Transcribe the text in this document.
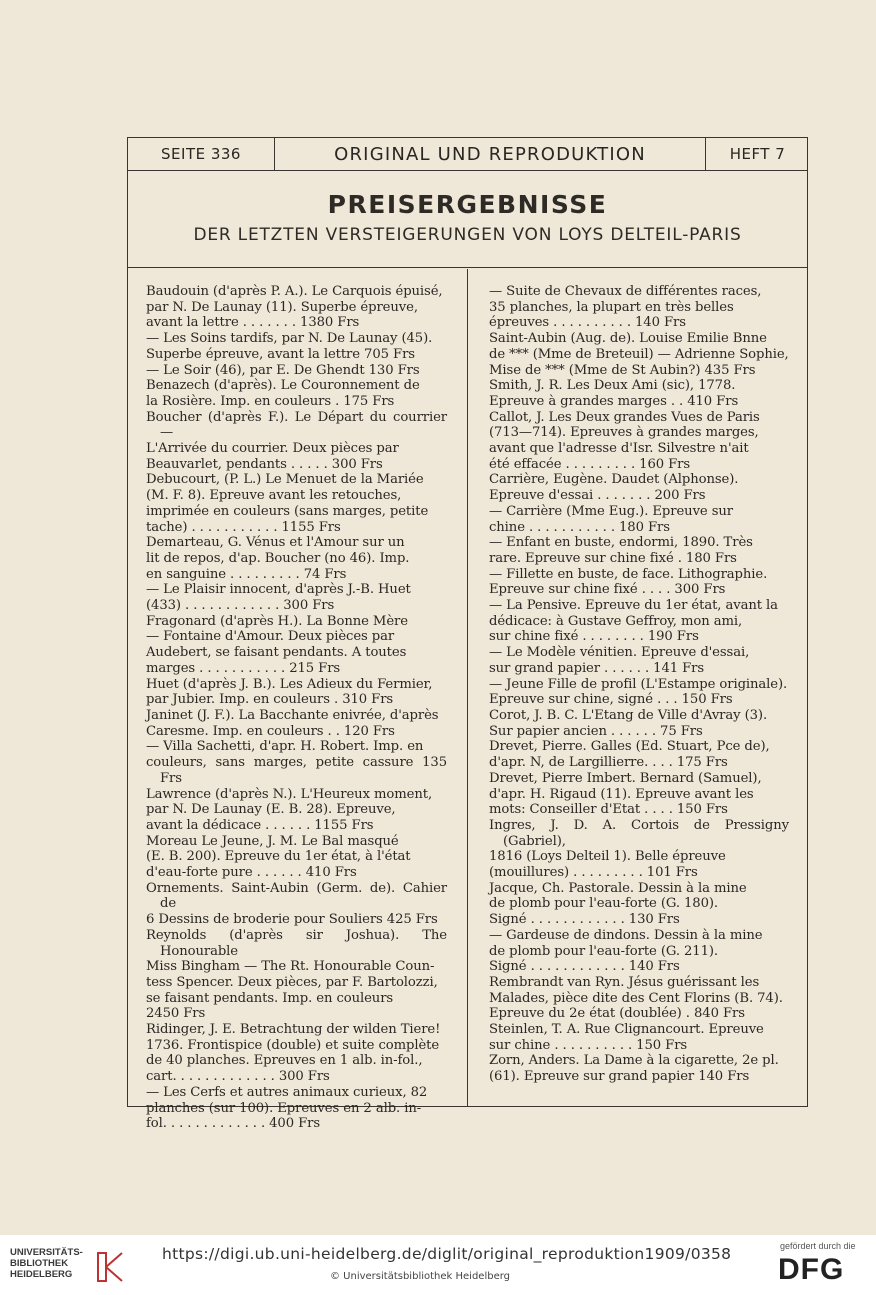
SEITE 336	ORIGINAL UND REPRODUKTION	HEFT 7
PREISERGEBNISSE
DER LETZTEN VERSTEIGERUNGEN VON LOYS DELTEIL-PARIS
Baudouin (d'après P. A.). Le Carquois épuisé,
par N. De Launay (11). Superbe épreuve,
avant la lettre . . . . . . . 1380 Frs
— Les Soins tardifs, par N. De Launay (45).
Superbe épreuve, avant la lettre 705 Frs
— Le Soir (46), par E. De Ghendt 130 Frs
Benazech (d'après). Le Couronnement de
la Rosière. Imp. en couleurs . 175 Frs
Boucher (d'après F.). Le Départ du courrier —
L'Arrivée du courrier. Deux pièces par
Beauvarlet, pendants . . . . . 300 Frs
Debucourt, (P. L.) Le Menuet de la Mariée
(M. F. 8). Epreuve avant les retouches,
imprimée en couleurs (sans marges, petite
tache) . . . . . . . . . . . 1155 Frs
Demarteau, G. Vénus et l'Amour sur un
lit de repos, d'ap. Boucher (no 46). Imp.
en sanguine . . . . . . . . . 74 Frs
— Le Plaisir innocent, d'après J.-B. Huet
(433) . . . . . . . . . . . . 300 Frs
Fragonard (d'après H.). La Bonne Mère
— Fontaine d'Amour. Deux pièces par
Audebert, se faisant pendants. A toutes
marges . . . . . . . . . . . 215 Frs
Huet (d'après J. B.). Les Adieux du Fermier,
par Jubier. Imp. en couleurs . 310 Frs
Janinet (J. F.). La Bacchante enivrée, d'après
Caresme. Imp. en couleurs . . 120 Frs
— Villa Sachetti, d'apr. H. Robert. Imp. en
couleurs, sans marges, petite cassure 135 Frs
Lawrence (d'après N.). L'Heureux moment,
par N. De Launay (E. B. 28). Epreuve,
avant la dédicace . . . . . . 1155 Frs
Moreau Le Jeune, J. M. Le Bal masqué
(E. B. 200). Epreuve du 1er état, à l'état
d'eau-forte pure . . . . . . 410 Frs
Ornements. Saint-Aubin (Germ. de). Cahier de
6 Dessins de broderie pour Souliers 425 Frs
Reynolds (d'après sir Joshua). The Honourable
Miss Bingham — The Rt. Honourable Coun-
tess Spencer. Deux pièces, par F. Bartolozzi,
se faisant pendants. Imp. en couleurs
2450 Frs
Ridinger, J. E. Betrachtung der wilden Tiere!
1736. Frontispice (double) et suite complète
de 40 planches. Epreuves en 1 alb. in-fol.,
cart. . . . . . . . . . . . . 300 Frs
— Les Cerfs et autres animaux curieux, 82
planches (sur 100). Epreuves en 2 alb. in-
fol. . . . . . . . . . . . . 400 Frs
— Suite de Chevaux de différentes races,
35 planches, la plupart en très belles
épreuves . . . . . . . . . . 140 Frs
Saint-Aubin (Aug. de). Louise Emilie Bnne
de *** (Mme de Breteuil) — Adrienne Sophie,
Mise de *** (Mme de St Aubin?) 435 Frs
Smith, J. R. Les Deux Ami (sic), 1778.
Epreuve à grandes marges . . 410 Frs
Callot, J. Les Deux grandes Vues de Paris
(713—714). Epreuves à grandes marges,
avant que l'adresse d'Isr. Silvestre n'ait
été effacée . . . . . . . . . 160 Frs
Carrière, Eugène. Daudet (Alphonse).
Epreuve d'essai . . . . . . . 200 Frs
— Carrière (Mme Eug.). Epreuve sur
chine . . . . . . . . . . . 180 Frs
— Enfant en buste, endormi, 1890. Très
rare. Epreuve sur chine fixé . 180 Frs
— Fillette en buste, de face. Lithographie.
Epreuve sur chine fixé . . . . 300 Frs
— La Pensive. Epreuve du 1er état, avant la
dédicace: à Gustave Geffroy, mon ami,
sur chine fixé . . . . . . . . 190 Frs
— Le Modèle vénitien. Epreuve d'essai,
sur grand papier . . . . . . 141 Frs
— Jeune Fille de profil (L'Estampe originale).
Epreuve sur chine, signé . . . 150 Frs
Corot, J. B. C. L'Etang de Ville d'Avray (3).
Sur papier ancien . . . . . . 75 Frs
Drevet, Pierre. Galles (Ed. Stuart, Pce de),
d'apr. N, de Largillierre. . . . 175 Frs
Drevet, Pierre Imbert. Bernard (Samuel),
d'apr. H. Rigaud (11). Epreuve avant les
mots: Conseiller d'Etat . . . . 150 Frs
Ingres, J. D. A. Cortois de Pressigny (Gabriel),
1816 (Loys Delteil 1). Belle épreuve
(mouillures) . . . . . . . . . 101 Frs
Jacque, Ch. Pastorale. Dessin à la mine
de plomb pour l'eau-forte (G. 180).
Signé . . . . . . . . . . . . 130 Frs
— Gardeuse de dindons. Dessin à la mine
de plomb pour l'eau-forte (G. 211).
Signé . . . . . . . . . . . . 140 Frs
Rembrandt van Ryn. Jésus guérissant les
Malades, pièce dite des Cent Florins (B. 74).
Epreuve du 2e état (doublée) . 840 Frs
Steinlen, T. A. Rue Clignancourt. Epreuve
sur chine . . . . . . . . . . 150 Frs
Zorn, Anders. La Dame à la cigarette, 2e pl.
(61). Epreuve sur grand papier 140 Frs
UNIVERSITÄTS-
BIBLIOTHEK
HEIDELBERG
https://digi.ub.uni-heidelberg.de/diglit/original_reproduktion1909/0358
© Universitätsbibliothek Heidelberg
gefördert durch die
DFG
